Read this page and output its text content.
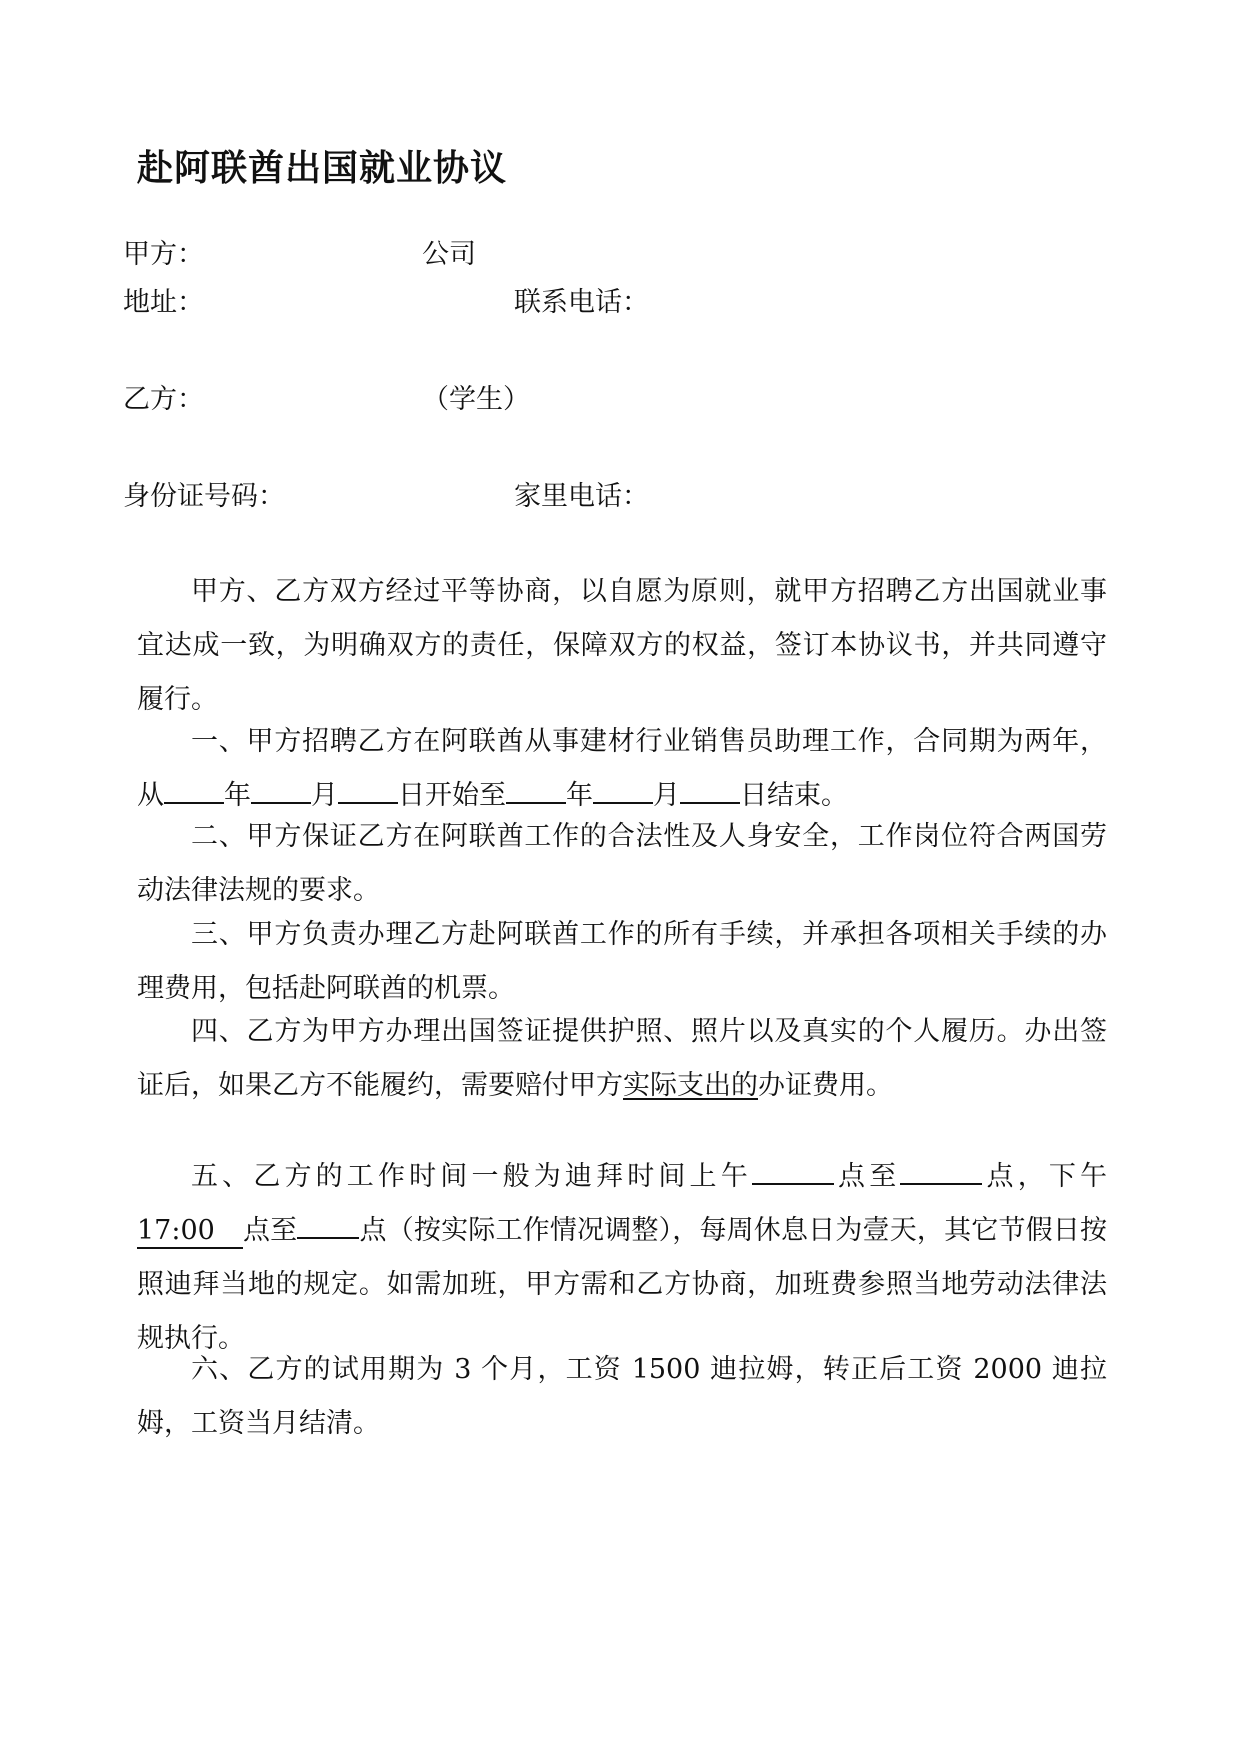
赴阿联酋出国就业协议
甲方：	公司
地址：	联系电话：
乙方：	（学生）
身份证号码：	家里电话：

甲方、乙方双方经过平等协商，以自愿为原则，就甲方招聘乙方出国就业事宜达成一致，为明确双方的责任，保障双方的权益，签订本协议书，并共同遵守履行。

一、甲方招聘乙方在阿联酋从事建材行业销售员助理工作，合同期为两年，从 年 月 日开始至 年 月 日结束。

二、甲方保证乙方在阿联酋工作的合法性及人身安全，工作岗位符合两国劳动法律法规的要求。

三、甲方负责办理乙方赴阿联酋工作的所有手续，并承担各项相关手续的办理费用，包括赴阿联酋的机票。

四、乙方为甲方办理出国签证提供护照、照片以及真实的个人履历。办出签证后，如果乙方不能履约，需要赔付甲方实际支出的办证费用。

五、乙方的工作时间一般为迪拜时间上午	点至	点，下午17:00 点至 点（按实际工作情况调整），每周休息日为壹天，其它节假日按照迪拜当地的规定。如需加班，甲方需和乙方协商，加班费参照当地劳动法律法规执行。

六、乙方的试用期为 3 个月，工资 1500 迪拉姆，转正后工资 2000 迪拉姆，工资当月结清。
